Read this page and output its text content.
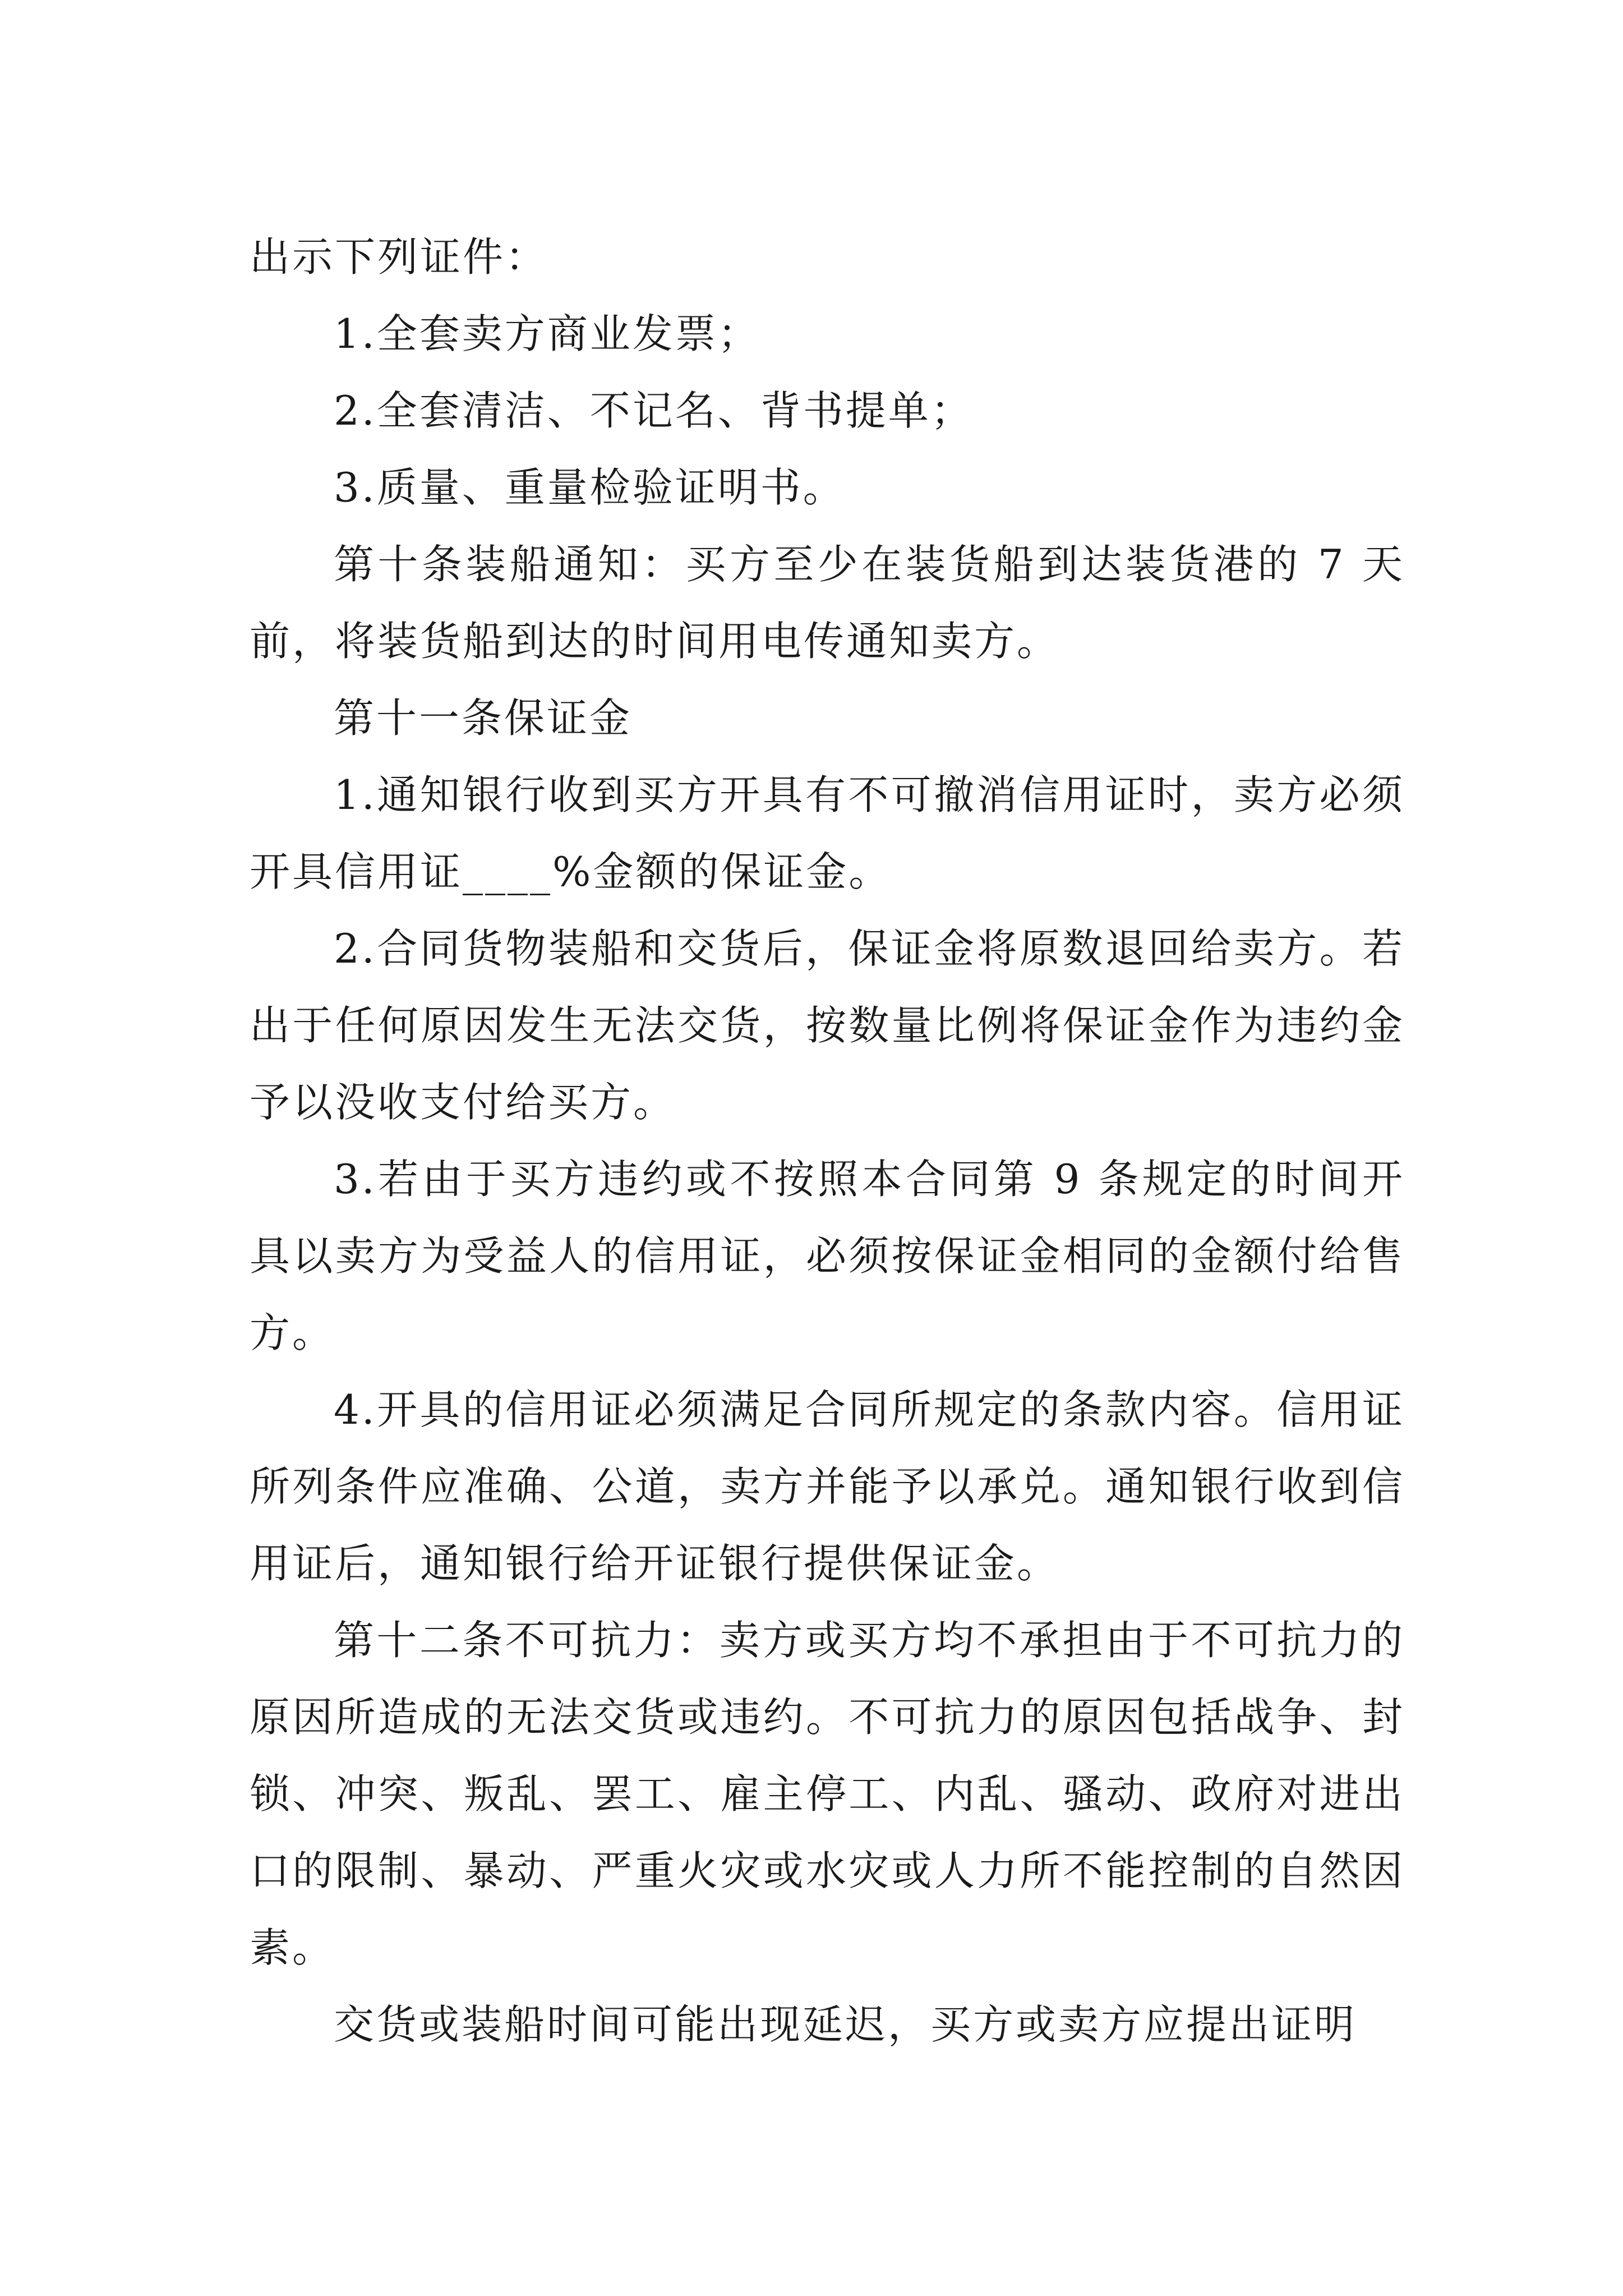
出示下列证件：

1.全套卖方商业发票；

2.全套清洁、不记名、背书提单；

3.质量、重量检验证明书。

第十条装船通知：买方至少在装货船到达装货港的 7 天前，将装货船到达的时间用电传通知卖方。

第十一条保证金

1.通知银行收到买方开具有不可撤消信用证时，卖方必须开具信用证____%金额的保证金。

2.合同货物装船和交货后，保证金将原数退回给卖方。若出于任何原因发生无法交货，按数量比例将保证金作为违约金予以没收支付给买方。

3.若由于买方违约或不按照本合同第 9 条规定的时间开具以卖方为受益人的信用证，必须按保证金相同的金额付给售方。

4.开具的信用证必须满足合同所规定的条款内容。信用证所列条件应准确、公道，卖方并能予以承兑。通知银行收到信用证后，通知银行给开证银行提供保证金。

第十二条不可抗力：卖方或买方均不承担由于不可抗力的原因所造成的无法交货或违约。不可抗力的原因包括战争、封锁、冲突、叛乱、罢工、雇主停工、内乱、骚动、政府对进出口的限制、暴动、严重火灾或水灾或人力所不能控制的自然因素。

交货或装船时间可能出现延迟，买方或卖方应提出证明
